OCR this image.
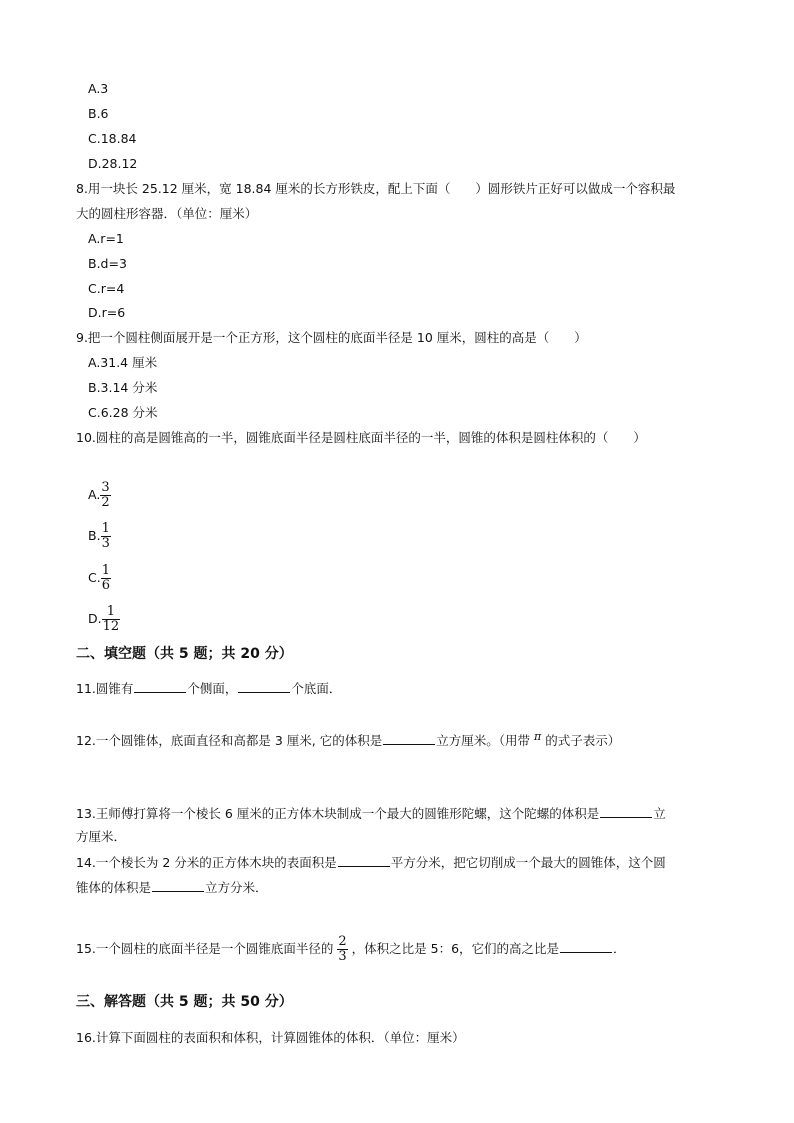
A.3
B.6
C.18.84
D.28.12
8.用一块长 25.12 厘米，宽 18.84 厘米的长方形铁皮，配上下面（　　）圆形铁片正好可以做成一个容积最
大的圆柱形容器．（单位：厘米）
A.r=1
B.d=3
C.r=4
D.r=6
9.把一个圆柱侧面展开是一个正方形，这个圆柱的底面半径是 10 厘米，圆柱的高是（　　）
A.31.4 厘米
B.3.14 分米
C.6.28 分米
10.圆柱的高是圆锥高的一半，圆锥底面半径是圆柱底面半径的一半，圆锥的体积是圆柱体积的（　　）
A. $\frac{3}{2}$
B. $\frac{1}{3}$
C. $\frac{1}{6}$
D. $\frac{1}{12}$
二、填空题（共 5 题；共 20 分）
11.圆锥有	个侧面，	个底面．
12.一个圆锥体，底面直径和高都是 3 厘米, 它的体积是	立方厘米。（用带 π 的式子表示）
13.王师傅打算将一个棱长 6 厘米的正方体木块制成一个最大的圆锥形陀螺，这个陀螺的体积是	立
方厘米．
14.一个棱长为 2 分米的正方体木块的表面积是	平方分米，把它切削成一个最大的圆锥体，这个圆
锥体的体积是	立方分米．
15.一个圆柱的底面半径是一个圆锥底面半径的 $\frac{2}{3}$ ，体积之比是 5：6，它们的高之比是	．
三、解答题（共 5 题；共 50 分）
16.计算下面圆柱的表面积和体积，计算圆锥体的体积．（单位：厘米）
